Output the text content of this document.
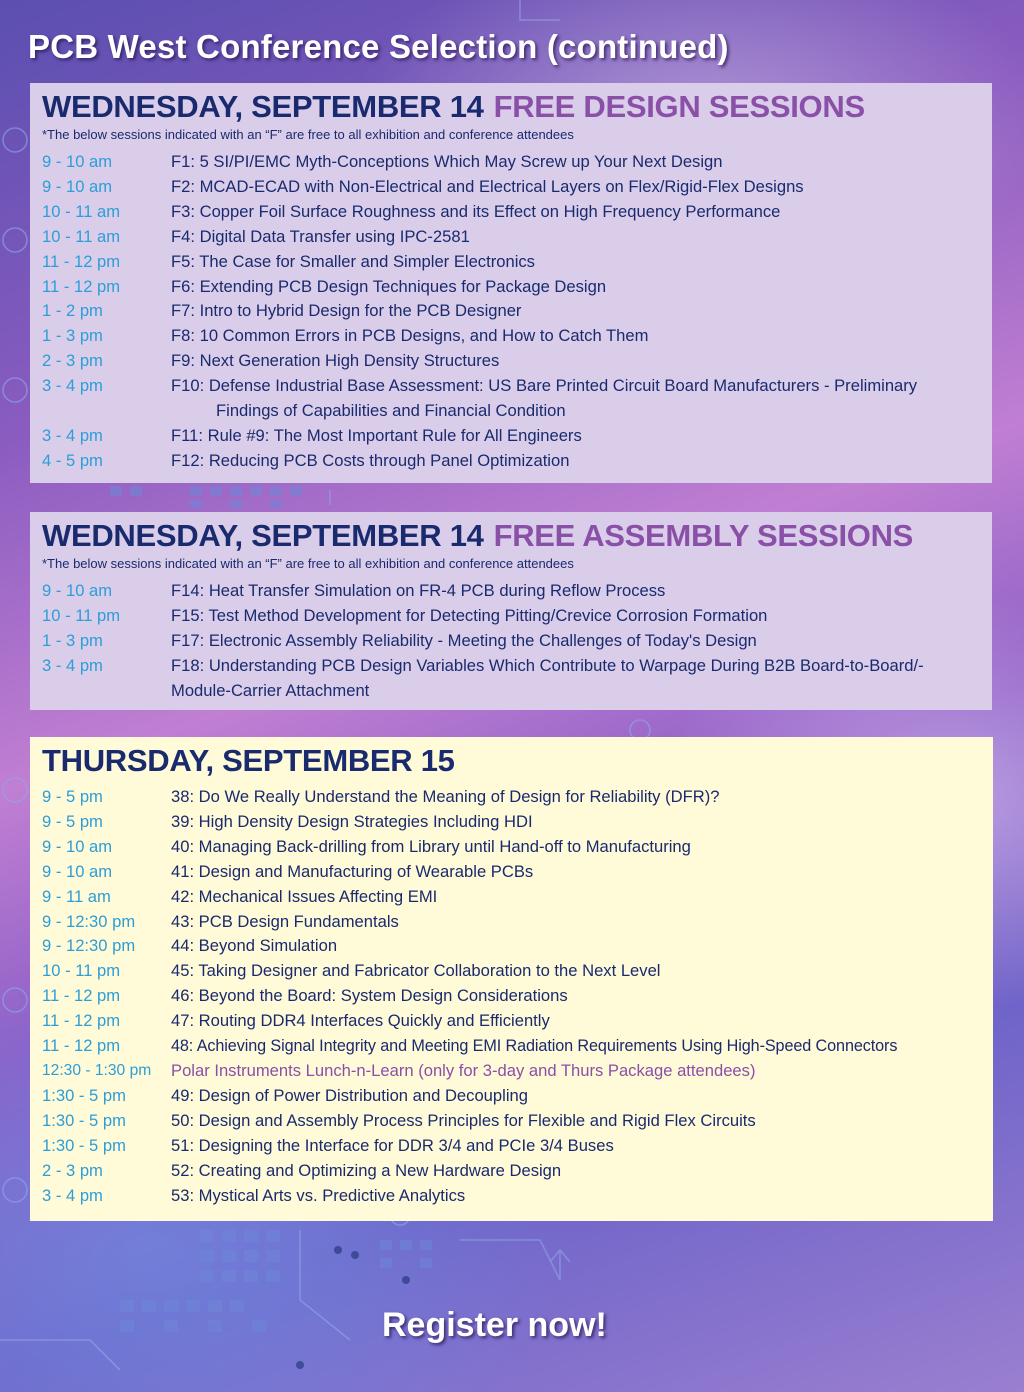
PCB West Conference Selection (continued)
WEDNESDAY, SEPTEMBER 14 FREE DESIGN SESSIONS
*The below sessions indicated with an “F” are free to all exhibition and conference attendees
9 - 10 am	F1: 5 SI/PI/EMC Myth-Conceptions Which May Screw up Your Next Design
9 - 10 am	F2: MCAD-ECAD with Non-Electrical and Electrical Layers on Flex/Rigid-Flex Designs
10 - 11 am	F3: Copper Foil Surface Roughness and its Effect on High Frequency Performance
10 - 11 am	F4: Digital Data Transfer using IPC-2581
11 - 12 pm	F5: The Case for Smaller and Simpler Electronics
11 - 12 pm	F6: Extending PCB Design Techniques for Package Design
1 - 2 pm	F7: Intro to Hybrid Design for the PCB Designer
1 - 3 pm	F8: 10 Common Errors in PCB Designs, and How to Catch Them
2 - 3 pm	F9: Next Generation High Density Structures
3 - 4 pm	F10: Defense Industrial Base Assessment: US Bare Printed Circuit Board Manufacturers - Preliminary
Findings of Capabilities and Financial Condition
3 - 4 pm	F11: Rule #9: The Most Important Rule for All Engineers
4 - 5 pm	F12: Reducing PCB Costs through Panel Optimization
WEDNESDAY, SEPTEMBER 14 FREE ASSEMBLY SESSIONS
*The below sessions indicated with an “F” are free to all exhibition and conference attendees
9 - 10 am	F14: Heat Transfer Simulation on FR-4 PCB during Reflow Process
10 - 11 pm	F15: Test Method Development for Detecting Pitting/Crevice Corrosion Formation
1 - 3 pm	F17: Electronic Assembly Reliability - Meeting the Challenges of Today's Design
3 - 4 pm	F18: Understanding PCB Design Variables Which Contribute to Warpage During B2B Board-to-Board/-
Module-Carrier Attachment
THURSDAY, SEPTEMBER 15
9 - 5 pm	38: Do We Really Understand the Meaning of Design for Reliability (DFR)?
9 - 5 pm	39: High Density Design Strategies Including HDI
9 - 10 am	40: Managing Back-drilling from Library until Hand-off to Manufacturing
9 - 10 am	41: Design and Manufacturing of Wearable PCBs
9 - 11 am	42: Mechanical Issues Affecting EMI
9 - 12:30 pm	43: PCB Design Fundamentals
9 - 12:30 pm	44: Beyond Simulation
10 - 11 pm	45: Taking Designer and Fabricator Collaboration to the Next Level
11 - 12 pm	46: Beyond the Board: System Design Considerations
11 - 12 pm	47: Routing DDR4 Interfaces Quickly and Efficiently
11 - 12 pm	48: Achieving Signal Integrity and Meeting EMI Radiation Requirements Using High-Speed Connectors
12:30 - 1:30 pm	Polar Instruments Lunch-n-Learn (only for 3-day and Thurs Package attendees)
1:30 - 5 pm	49: Design of Power Distribution and Decoupling
1:30 - 5 pm	50: Design and Assembly Process Principles for Flexible and Rigid Flex Circuits
1:30 - 5 pm	51: Designing the Interface for DDR 3/4 and PCIe 3/4 Buses
2 - 3 pm	52: Creating and Optimizing a New Hardware Design
3 - 4 pm	53: Mystical Arts vs. Predictive Analytics
Register now!
